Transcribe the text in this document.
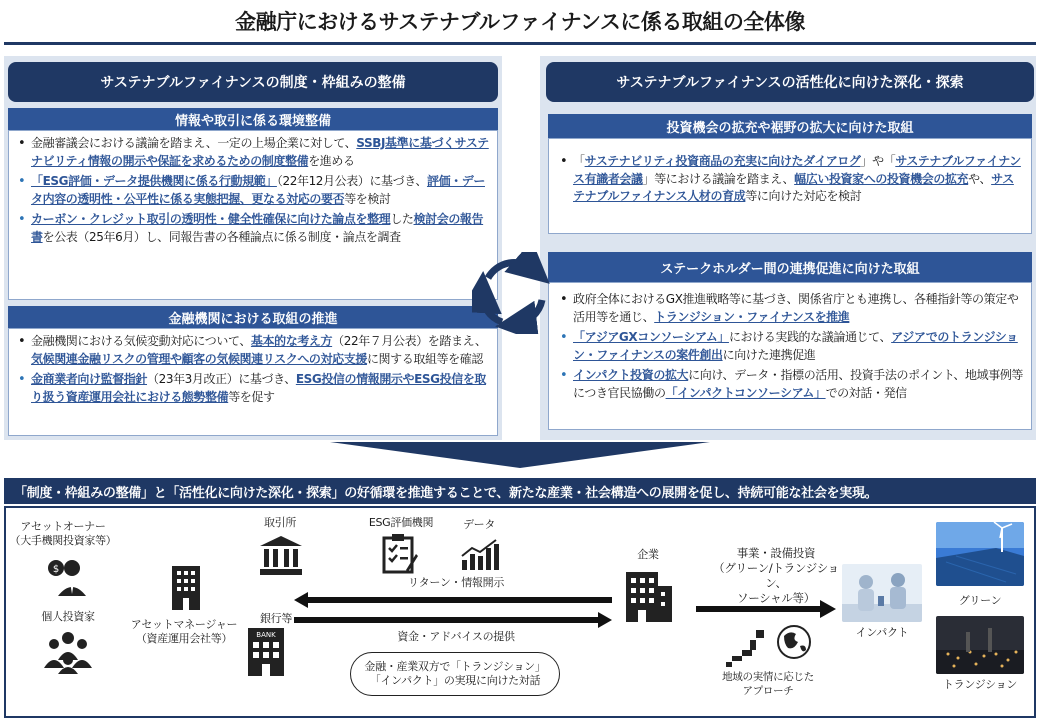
金融庁におけるサステナブルファイナンスに係る取組の全体像
サステナブルファイナンスの制度・枠組みの整備
情報や取引に係る環境整備
• 金融審議会における議論を踏まえ、一定の上場企業に対して、SSBJ基準に基づくサステナビリティ情報の開示や保証を求めるための制度整備を進める
• 「ESG評価・データ提供機関に係る行動規範」（22年12月公表）に基づき、評価・データ内容の透明性・公平性に係る実態把握、更なる対応の要否等を検討
• カーボン・クレジット取引の透明性・健全性確保に向けた論点を整理した検討会の報告書を公表（25年6月）し、同報告書の各種論点に係る制度・論点を調査
金融機関における取組の推進
• 金融機関における気候変動対応について、基本的な考え方（22年７月公表）を踏まえ、気候関連金融リスクの管理や顧客の気候関連リスクへの対応支援に関する取組等を確認
• 金商業者向け監督指針（23年3月改正）に基づき、ESG投信の情報開示やESG投信を取り扱う資産運用会社における態勢整備等を促す
サステナブルファイナンスの活性化に向けた深化・探索
投資機会の拡充や裾野の拡大に向けた取組
• 「サステナビリティ投資商品の充実に向けたダイアログ」や「サステナブルファイナンス有識者会議」等における議論を踏まえ、幅広い投資家への投資機会の拡充や、サステナブルファイナンス人材の育成等に向けた対応を検討
ステークホルダー間の連携促進に向けた取組
• 政府全体におけるGX推進戦略等に基づき、関係省庁とも連携し、各種指針等の策定や活用等を通じ、トランジション・ファイナンスを推進
• 「アジアGXコンソーシアム」における実践的な議論通じて、アジアでのトランジション・ファイナンスの案件創出に向けた連携促進
• インパクト投資の拡大に向け、データ・指標の活用、投資手法のポイント、地域事例等につき官民協働の「インパクトコンソーシアム」での対話・発信
「制度・枠組みの整備」と「活性化に向けた深化・探索」の好循環を推進することで、新たな産業・社会構造への展開を促し、持続可能な社会を実現。
アセットオーナー
（大手機関投資家等）
$
個人投資家
アセットマネージャー
（資産運用会社等）
取引所
銀行等
BANK
ESG評価機関	データ
リターン・情報開示
資金・アドバイスの提供
金融・産業双方で「トランジション」
「インパクト」の実現に向けた対話
企業	事業・設備投資
（グリーン/トランジション、
ソーシャル等）
地域の実情に応じた
アプローチ
インパクト
グリーン
トランジション
